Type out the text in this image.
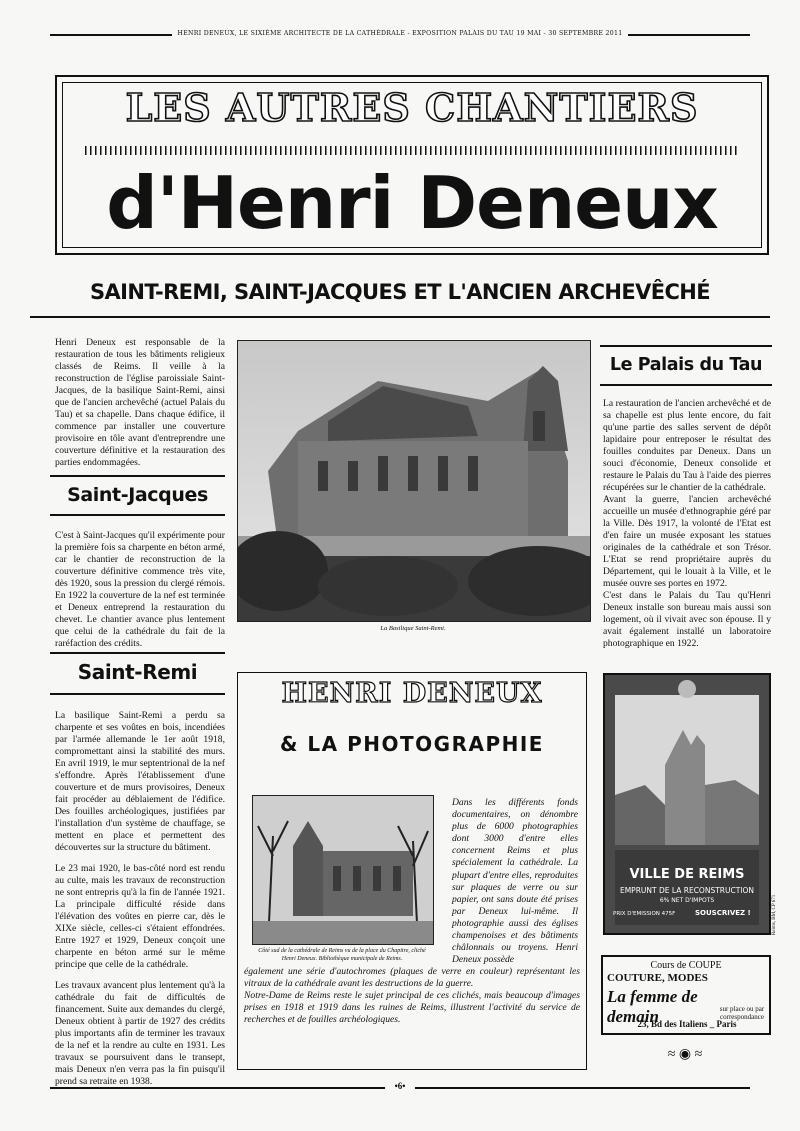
HENRI DENEUX, LE SIXIÈME ARCHITECTE DE LA CATHÉDRALE - EXPOSITION PALAIS DU TAU 19 MAI - 30 SEPTEMBRE 2011
LES AUTRES CHANTIERS
d'Henri Deneux
SAINT-REMI, SAINT-JACQUES ET L'ANCIEN ARCHEVÊCHÉ
Henri Deneux est responsable de la restauration de tous les bâtiments religieux classés de Reims. Il veille à la reconstruction de l'église paroissiale Saint-Jacques, de la basilique Saint-Remi, ainsi que de l'ancien archevêché (actuel Palais du Tau) et sa chapelle. Dans chaque édifice, il commence par installer une couverture provisoire en tôle avant d'entreprendre une couverture définitive et la restauration des parties endommagées.
Saint-Jacques
C'est à Saint-Jacques qu'il expérimente pour la première fois sa charpente en béton armé, car le chantier de reconstruction de la couverture définitive commence très vite, dès 1920, sous la pression du clergé rémois. En 1922 la couverture de la nef est terminée et Deneux entreprend la restauration du chevet. Le chantier avance plus lentement que celui de la cathédrale du fait de la raréfaction des crédits.
Saint-Remi

La basilique Saint-Remi a perdu sa charpente et ses voûtes en bois, incendiées par l'armée allemande le 1er août 1918, compromettant ainsi la stabilité des murs. En avril 1919, le mur septentrional de la nef s'effondre. Après l'établissement d'une couverture et de murs provisoires, Deneux fait procéder au déblaiement de l'édifice. Des fouilles archéologiques, justifiées par l'installation d'un système de chauffage, se mettent en place et permettent des découvertes sur la structure du bâtiment.

Le 23 mai 1920, le bas-côté nord est rendu au culte, mais les travaux de reconstruction ne sont entrepris qu'à la fin de l'année 1921. La principale difficulté réside dans l'élévation des voûtes en pierre car, dès le XIXe siècle, celles-ci s'étaient effondrées. Entre 1927 et 1929, Deneux conçoit une charpente en béton armé sur le même principe que celle de la cathédrale.

Les travaux avancent plus lentement qu'à la cathédrale du fait de difficultés de financement. Suite aux demandes du clergé, Deneux obtient à partir de 1927 des crédits plus importants afin de terminer les travaux de la nef et la rendre au culte en 1931. Les travaux se poursuivent dans le transept, mais Deneux n'en verra pas la fin puisqu'il prend sa retraite en 1938.

La Basilique Saint-Remi.
Le Palais du Tau

La restauration de l'ancien archevêché et de sa chapelle est plus lente encore, du fait qu'une partie des salles servent de dépôt lapidaire pour entreposer le résultat des fouilles conduites par Deneux. Dans un souci d'économie, Deneux consolide et restaure le Palais du Tau à l'aide des pierres récupérées sur le chantier de la cathédrale.

Avant la guerre, l'ancien archevêché accueille un musée d'ethnographie géré par la Ville. Dès 1917, la volonté de l'Etat est d'en faire un musée exposant les statues originales de la cathédrale et son Trésor. L'Etat se rend propriétaire auprès du Département, qui le louait à la Ville, et le musée ouvre ses portes en 1972.

C'est dans le Palais du Tau qu'Henri Deneux installe son bureau mais aussi son logement, où il vivait avec son épouse. Il y avait également installé un laboratoire photographique en 1922.

HENRI DENEUX
& LA PHOTOGRAPHIE
Côté sud de la cathédrale de Reims vu de la place du Chapitre, cliché Henri Deneux. Bibliothèque municipale de Reims.
Dans les différents fonds documentaires, on dénombre plus de 6000 photographies dont 3000 d'entre elles concernent Reims et plus spécialement la cathédrale. La plupart d'entre elles, reproduites sur plaques de verre ou sur papier, ont sans doute été prises par Deneux lui-même. Il photographie aussi des églises champenoises et des bâtiments châlonnais ou troyens. Henri Deneux possède

également une série d'autochromes (plaques de verre en couleur) représentant les vitraux de la cathédrale avant les destructions de la guerre.

Notre-Dame de Reims reste le sujet principal de ces clichés, mais beaucoup d'images prises en 1918 et 1919 dans les ruines de Reims, illustrent l'activité du service de recherches et de fouilles archéologiques.

VILLE DE REIMS
EMPRUNT DE LA RECONSTRUCTION
6% NET D'IMPOTS
PRIX D'EMISSION 475F	SOUSCRIVEZ !	Reims, BM, CP 671
Cours de COUPE
COUTURE, MODES
La femme de demain	sur place ou par correspondance
23, Bd des Italiens _ Paris
≈ ◉ ≈
•6•
